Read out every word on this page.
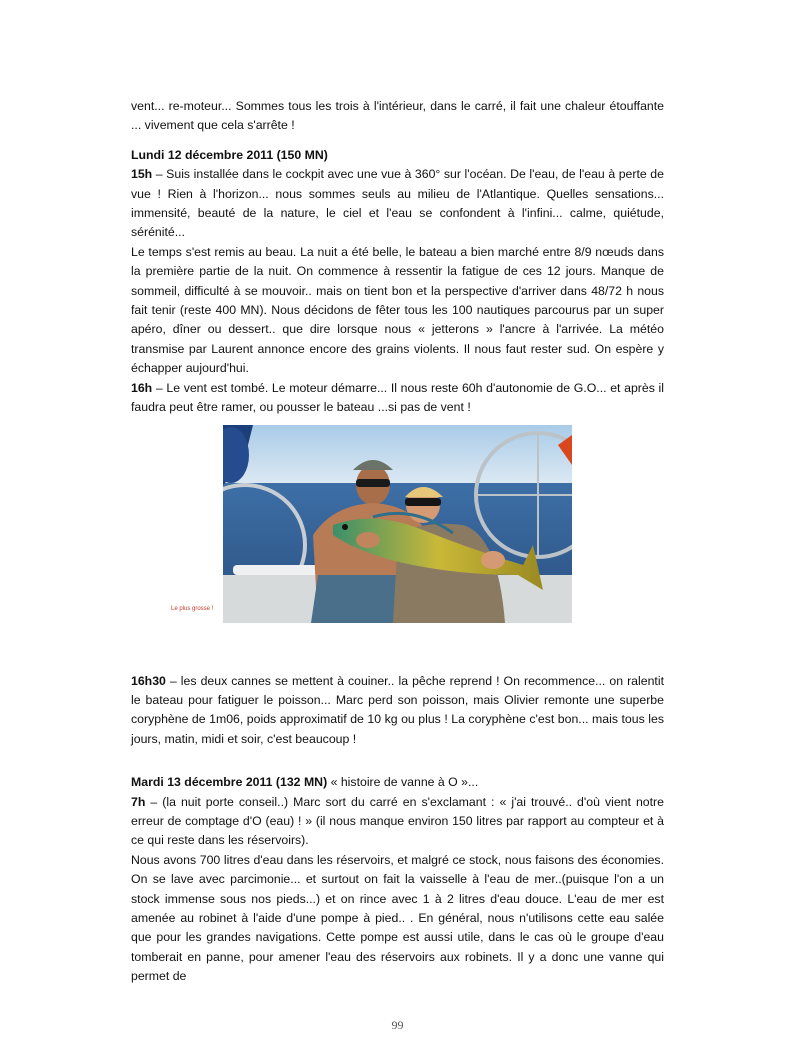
vent... re-moteur... Sommes tous les trois à l'intérieur, dans le carré, il fait une chaleur étouffante ... vivement que cela s'arrête !

Lundi 12 décembre 2011 (150 MN)

15h – Suis installée dans le cockpit avec une vue à 360° sur l'océan. De l'eau, de l'eau à perte de vue ! Rien à l'horizon... nous sommes seuls au milieu de l'Atlantique. Quelles sensations... immensité, beauté de la nature, le ciel et l'eau se confondent à l'infini... calme, quiétude, sérénité...

Le temps s'est remis au beau. La nuit a été belle, le bateau a bien marché entre 8/9 nœuds dans la première partie de la nuit. On commence à ressentir la fatigue de ces 12 jours. Manque de sommeil, difficulté à se mouvoir.. mais on tient bon et la perspective d'arriver dans 48/72 h nous fait tenir (reste 400 MN). Nous décidons de fêter tous les 100 nautiques parcourus par un super apéro, dîner ou dessert.. que dire lorsque nous « jetterons » l'ancre à l'arrivée. La météo transmise par Laurent annonce encore des grains violents. Il nous faut rester sud. On espère y échapper aujourd'hui.

16h – Le vent est tombé. Le moteur démarre... Il nous reste 60h d'autonomie de G.O... et après il faudra peut être ramer, ou pousser le bateau ...si pas de vent !

Le plus grosse !

16h30 – les deux cannes se mettent à couiner.. la pêche reprend ! On recommence... on ralentit le bateau pour fatiguer le poisson... Marc perd son poisson, mais Olivier remonte une superbe coryphène de 1m06, poids approximatif de 10 kg ou plus ! La coryphène c'est bon... mais tous les jours, matin, midi et soir, c'est beaucoup !

Mardi 13 décembre 2011 (132 MN) « histoire de vanne à O »...

7h – (la nuit porte conseil..) Marc sort du carré en s'exclamant : « j'ai trouvé.. d'où vient notre erreur de comptage d'O (eau) ! » (il nous manque environ 150 litres par rapport au compteur et à ce qui reste dans les réservoirs).

Nous avons 700 litres d'eau dans les réservoirs, et malgré ce stock, nous faisons des économies. On se lave avec parcimonie... et surtout on fait la vaisselle à l'eau de mer..(puisque l'on a un stock immense sous nos pieds...) et on rince avec 1 à 2 litres d'eau douce. L'eau de mer est amenée au robinet à l'aide d'une pompe à pied.. . En général, nous n'utilisons cette eau salée que pour les grandes navigations. Cette pompe est aussi utile, dans le cas où le groupe d'eau tomberait en panne, pour amener l'eau des réservoirs aux robinets. Il y a donc une vanne qui permet de

99
